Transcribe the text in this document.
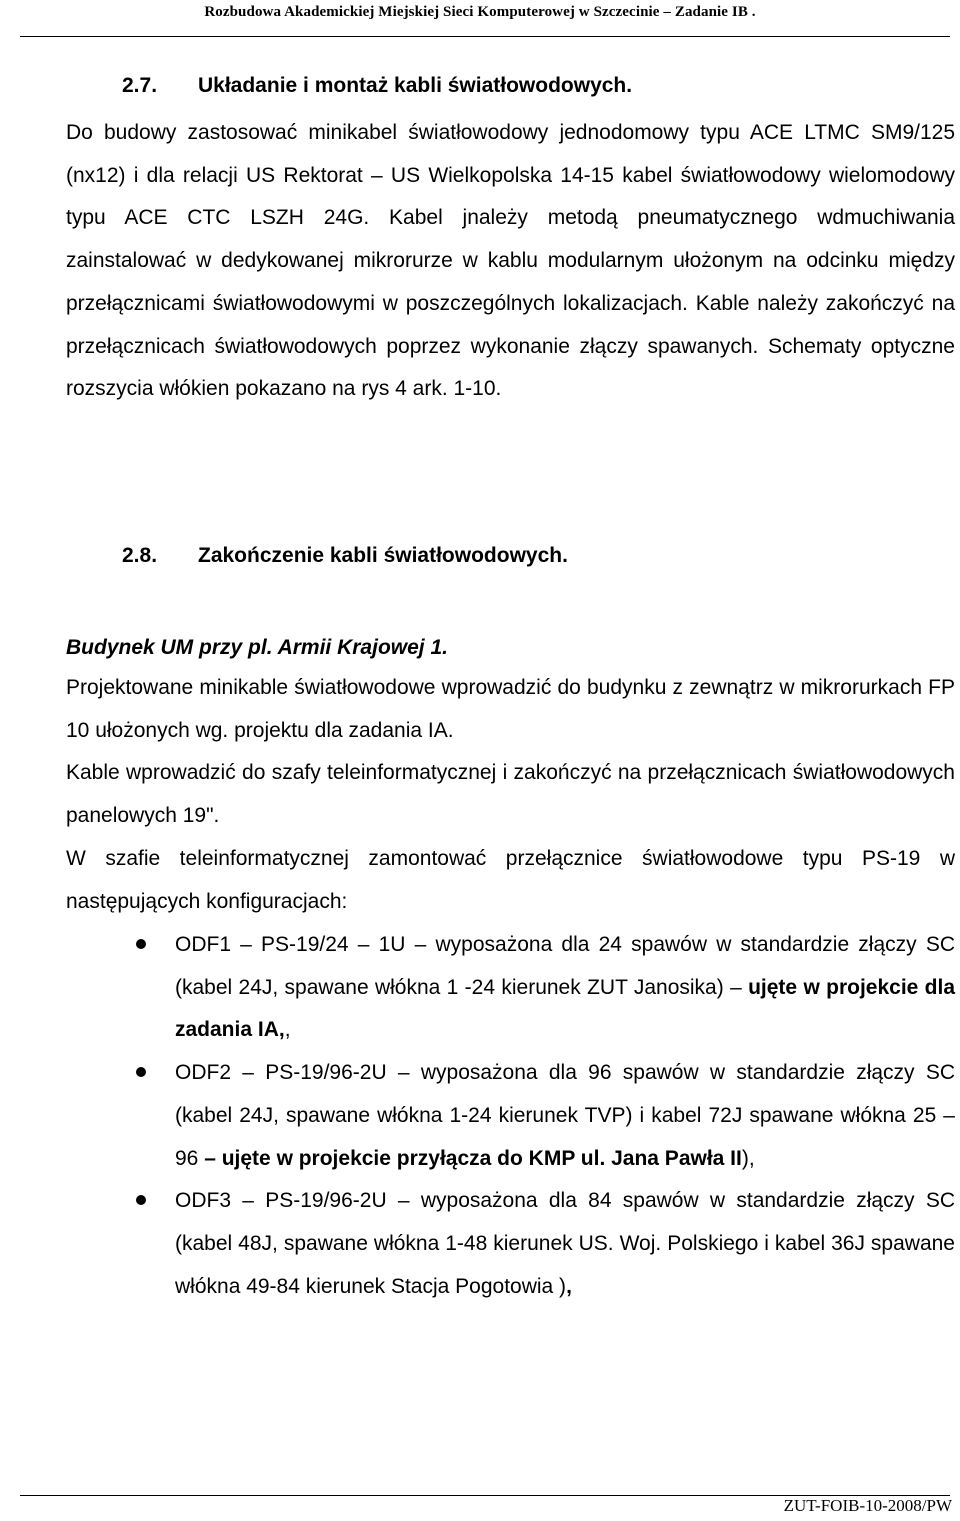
Rozbudowa Akademickiej Miejskiej Sieci Komputerowej w Szczecinie – Zadanie IB .
2.7. Układanie i montaż kabli światłowodowych.

Do budowy zastosować minikabel światłowodowy jednodomowy typu ACE LTMC SM9/125 (nx12) i dla relacji US Rektorat – US Wielkopolska 14-15 kabel światłowodowy wielomodowy typu ACE CTC LSZH 24G. Kabel jnależy metodą pneumatycznego wdmuchiwania zainstalować w dedykowanej mikrorurze w kablu modularnym ułożonym na odcinku między przełącznicami światłowodowymi w poszczególnych lokalizacjach. Kable należy zakończyć na przełącznicach światłowodowych poprzez wykonanie złączy spawanych. Schematy optyczne rozszycia włókien pokazano na rys 4 ark. 1-10.

2.8. Zakończenie kabli światłowodowych.
Budynek UM przy pl. Armii Krajowej 1.

Projektowane minikable światłowodowe wprowadzić do budynku z zewnątrz w mikrorurkach FP 10 ułożonych wg. projektu dla zadania IA.

Kable wprowadzić do szafy teleinformatycznej i zakończyć na przełącznicach światłowodowych panelowych 19".

W szafie teleinformatycznej zamontować przełącznice światłowodowe typu PS-19 w następujących konfiguracjach:

ODF1 – PS-19/24 – 1U – wyposażona dla 24 spawów w standardzie złączy SC (kabel 24J, spawane włókna 1 -24 kierunek ZUT Janosika) – ujęte w projekcie dla zadania IA,,
ODF2 – PS-19/96-2U – wyposażona dla 96 spawów w standardzie złączy SC (kabel 24J, spawane włókna 1-24 kierunek TVP) i kabel 72J spawane włókna 25 – 96 – ujęte w projekcie przyłącza do KMP ul. Jana Pawła II),
ODF3 – PS-19/96-2U – wyposażona dla 84 spawów w standardzie złączy SC (kabel 48J, spawane włókna 1-48 kierunek US. Woj. Polskiego i kabel 36J spawane włókna 49-84 kierunek Stacja Pogotowia ),
ZUT-FOIB-10-2008/PW
